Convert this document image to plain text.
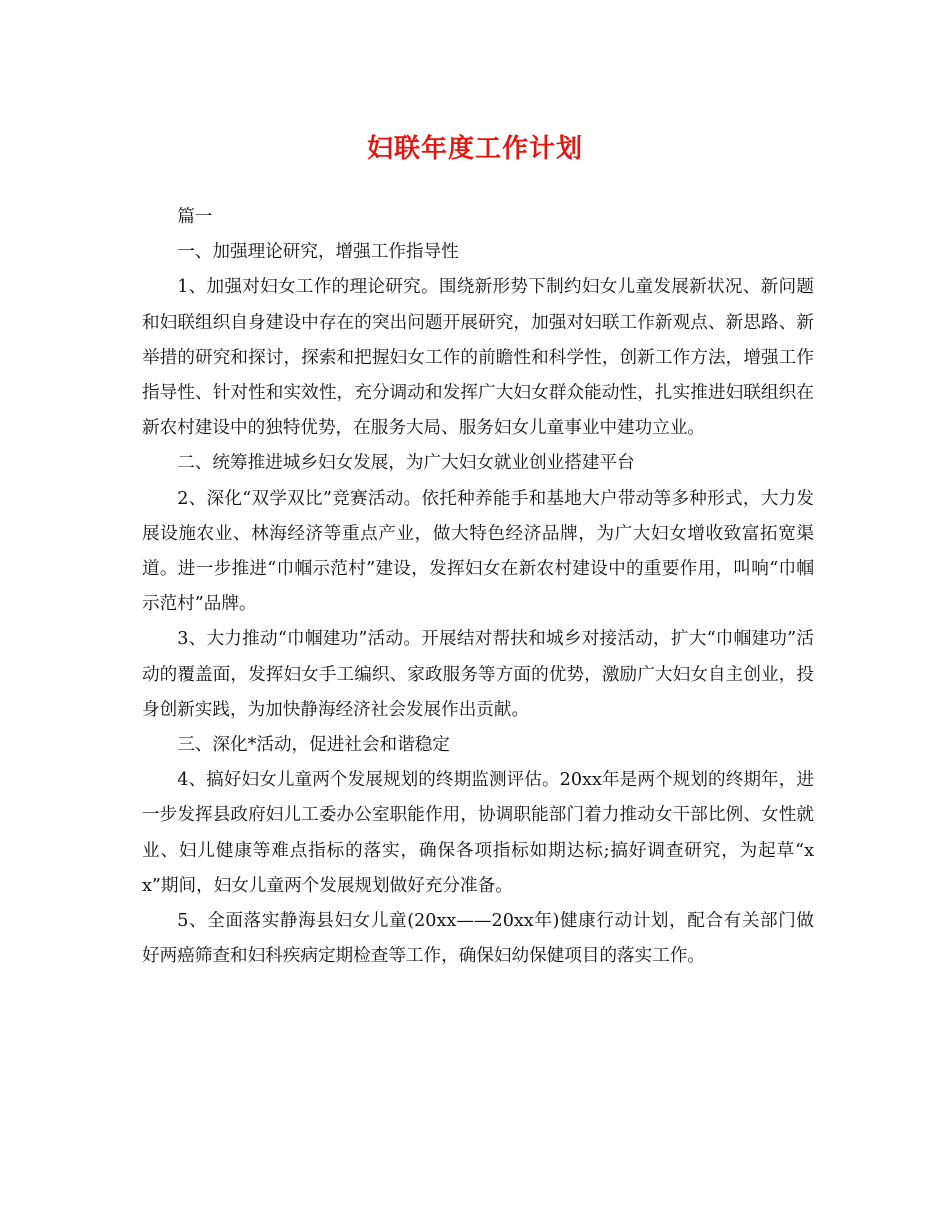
妇联年度工作计划

篇一

一、加强理论研究，增强工作指导性

1、加强对妇女工作的理论研究。围绕新形势下制约妇女儿童发展新状况、新问题和妇联组织自身建设中存在的突出问题开展研究，加强对妇联工作新观点、新思路、新举措的研究和探讨，探索和把握妇女工作的前瞻性和科学性，创新工作方法，增强工作指导性、针对性和实效性，充分调动和发挥广大妇女群众能动性，扎实推进妇联组织在新农村建设中的独特优势，在服务大局、服务妇女儿童事业中建功立业。

二、统筹推进城乡妇女发展，为广大妇女就业创业搭建平台

2、深化“双学双比”竞赛活动。依托种养能手和基地大户带动等多种形式，大力发展设施农业、林海经济等重点产业，做大特色经济品牌，为广大妇女增收致富拓宽渠道。进一步推进“巾帼示范村”建设，发挥妇女在新农村建设中的重要作用，叫响“巾帼示范村”品牌。

3、大力推动“巾帼建功”活动。开展结对帮扶和城乡对接活动，扩大“巾帼建功”活动的覆盖面，发挥妇女手工编织、家政服务等方面的优势，激励广大妇女自主创业，投身创新实践，为加快静海经济社会发展作出贡献。

三、深化*活动，促进社会和谐稳定

4、搞好妇女儿童两个发展规划的终期监测评估。20xx年是两个规划的终期年，进一步发挥县政府妇儿工委办公室职能作用，协调职能部门着力推动女干部比例、女性就业、妇儿健康等难点指标的落实，确保各项指标如期达标;搞好调查研究，为起草“xx”期间，妇女儿童两个发展规划做好充分准备。

5、全面落实静海县妇女儿童(20xx——20xx年)健康行动计划，配合有关部门做好两癌筛查和妇科疾病定期检查等工作，确保妇幼保健项目的落实工作。
